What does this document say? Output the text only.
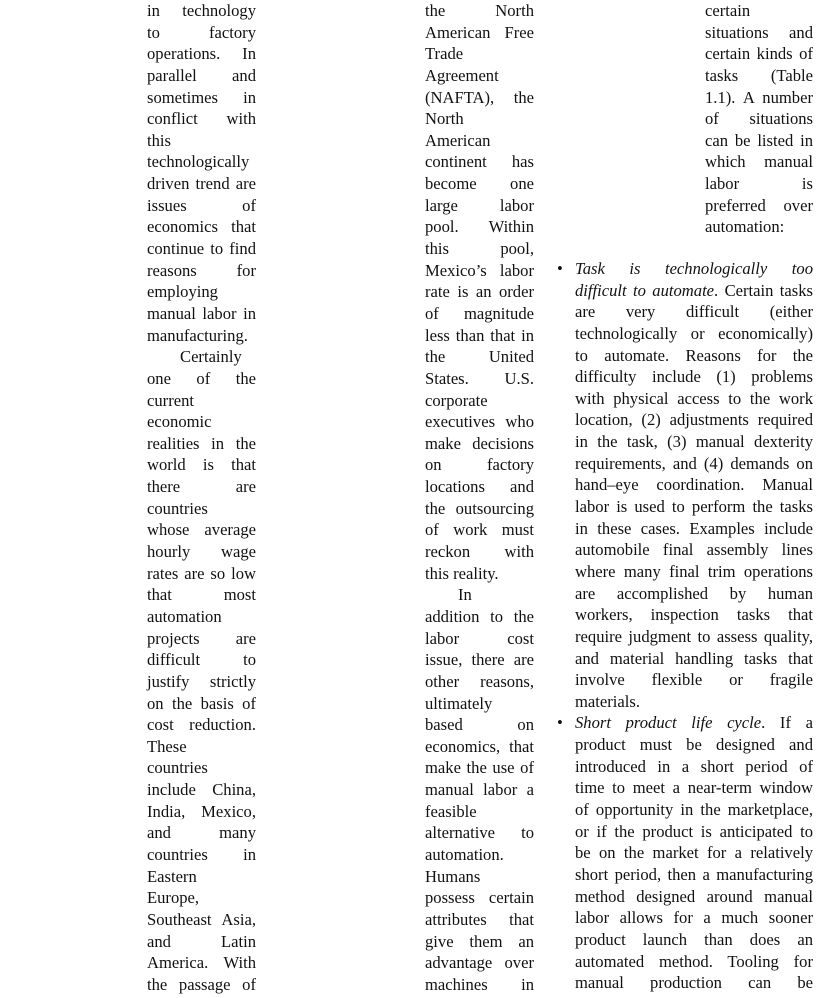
in technology
to factory
operations. In
parallel and
sometimes in
conflict with
this
technologically
driven trend are
issues of
economics that
continue to find
reasons for
employing
manual labor in
manufacturing.
Certainly
one of the
current
economic
realities in the
world is that
there are
countries
whose average
hourly wage
rates are so low
that most
automation
projects are
difficult to
justify strictly
on the basis of
cost reduction.
These
countries
include China,
India, Mexico,
and many
countries in
Eastern
Europe,
Southeast Asia,
and Latin
America. With
the passage of
the North
American Free
Trade
Agreement
(NAFTA), the
North
American
continent has
become one
large labor
pool. Within
this pool,
Mexico’s labor
rate is an order
of magnitude
less than that in
the United
States. U.S.
corporate
executives who
make decisions
on factory
locations and
the outsourcing
of work must
reckon with
this reality.
In
addition to the
labor cost
issue, there are
other reasons,
ultimately
based on
economics, that
make the use of
manual labor a
feasible
alternative to
automation.
Humans
possess certain
attributes that
give them an
advantage over
machines in
certain
situations and
certain kinds of
tasks (Table
1.1). A number
of situations
can be listed in
which manual
labor is
preferred over
automation:
• Task is technologically too
difficult to automate. Certain tasks
are very difficult (either
technologically or economically)
to automate. Reasons for the
difficulty include (1) problems
with physical access to the work
location, (2) adjustments required
in the task, (3) manual dexterity
requirements, and (4) demands on
hand–eye coordination. Manual
labor is used to perform the tasks
in these cases. Examples include
automobile final assembly lines
where many final trim operations
are accomplished by human
workers, inspection tasks that
require judgment to assess quality,
and material handling tasks that
involve flexible or fragile
materials.
• Short product life cycle. If a
product must be designed and
introduced in a short period of
time to meet a near-term window
of opportunity in the marketplace,
or if the product is anticipated to
be on the market for a relatively
short period, then a manufacturing
method designed around manual
labor allows for a much sooner
product launch than does an
automated method. Tooling for
manual production can be
